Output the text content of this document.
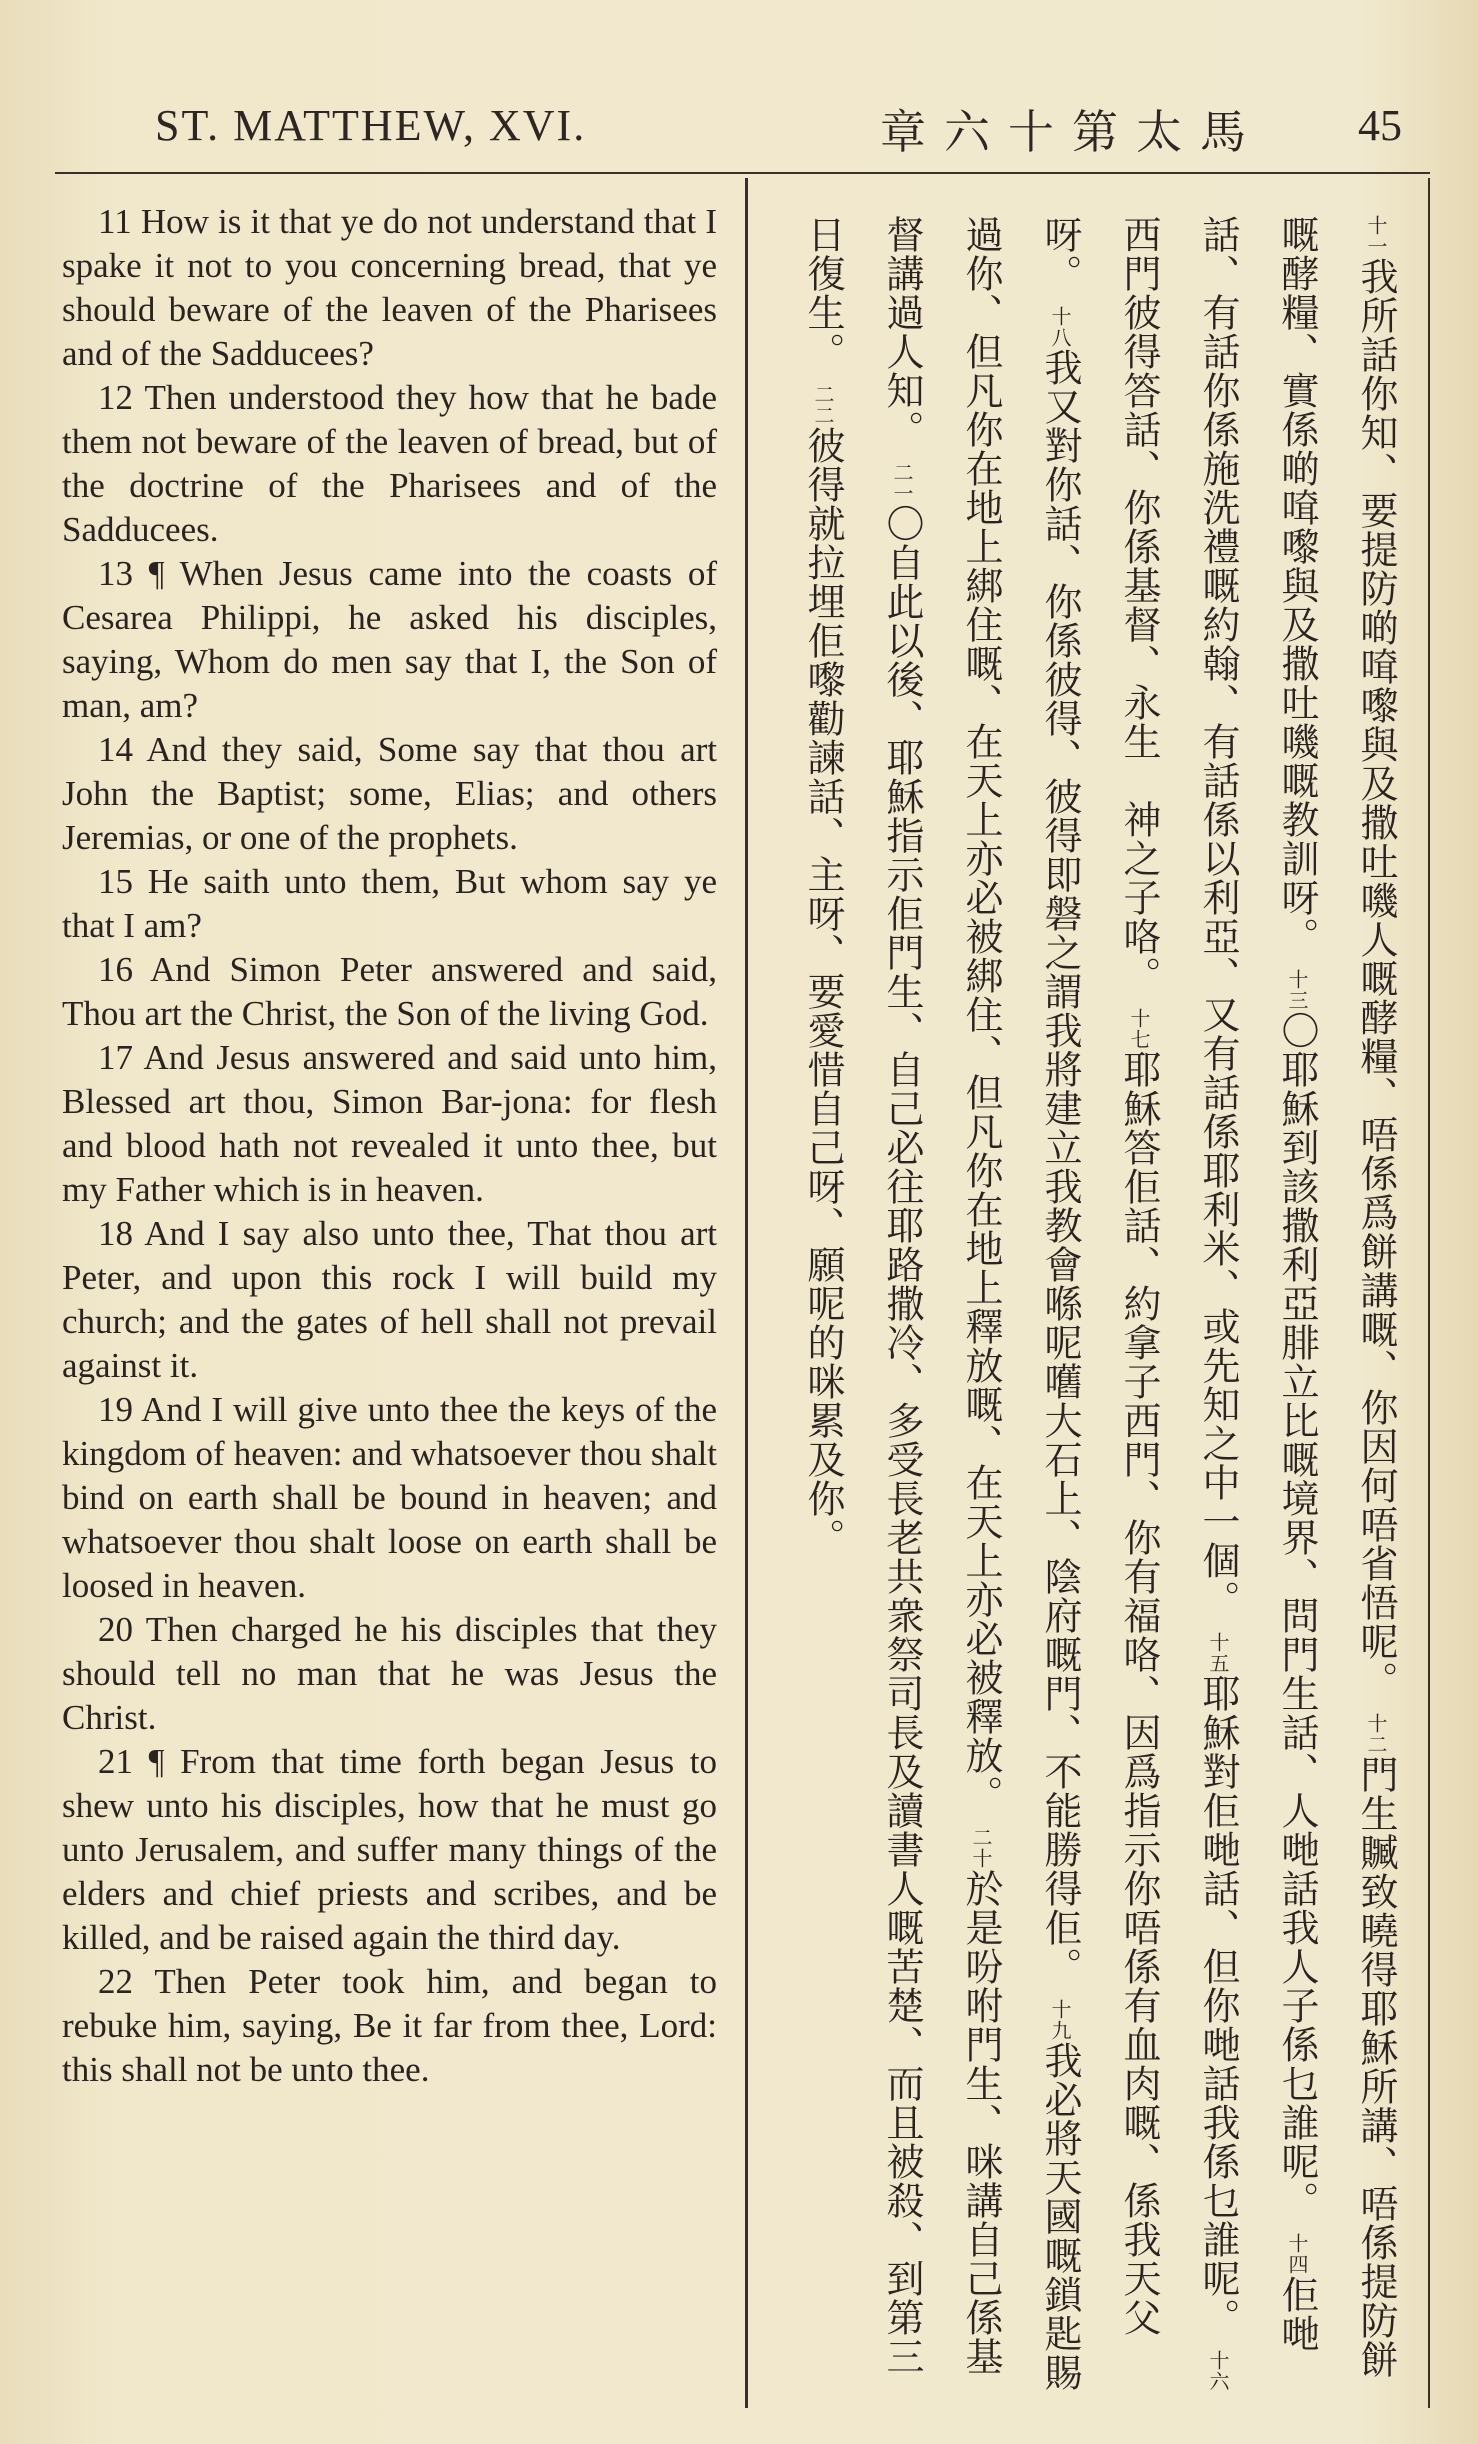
ST. MATTHEW, XVI.	章六十第太馬 45

11 How is it that ye do not understand that I spake it not to you concerning bread, that ye should beware of the leaven of the Pharisees and of the Sadducees?

12 Then understood they how that he bade them not beware of the leaven of bread, but of the doctrine of the Pharisees and of the Sadducees.

13 ¶ When Jesus came into the coasts of Cesarea Philippi, he asked his disciples, saying, Whom do men say that I, the Son of man, am?

14 And they said, Some say that thou art John the Baptist; some, Elias; and others Jeremias, or one of the prophets.

15 He saith unto them, But whom say ye that I am?

16 And Simon Peter answered and said, Thou art the Christ, the Son of the living God.

17 And Jesus answered and said unto him, Blessed art thou, Simon Bar-jona: for flesh and blood hath not revealed it unto thee, but my Father which is in heaven.

18 And I say also unto thee, That thou art Peter, and upon this rock I will build my church; and the gates of hell shall not prevail against it.

19 And I will give unto thee the keys of the kingdom of heaven: and whatsoever thou shalt bind on earth shall be bound in heaven; and whatsoever thou shalt loose on earth shall be loosed in heaven.

20 Then charged he his disciples that they should tell no man that he was Jesus the Christ.

21 ¶ From that time forth began Jesus to shew unto his disciples, how that he must go unto Jerusalem, and suffer many things of the elders and chief priests and scribes, and be killed, and be raised again the third day.

22 Then Peter took him, and began to rebuke him, saying, Be it far from thee, Lord: this shall not be unto thee.

十一我所話你知、要提防啲𠸊嚟與及撒吐嘰人嘅酵糧、唔係爲餅講嘅、你因何唔省悟呢。

十二門生贓致曉得耶穌所講、唔係提防餅嘅酵糧、實係啲𠸊嚟與及撒吐嘰嘅教訓呀。

十三〇耶穌到該撒利亞腓立比嘅境界、問門生話、人哋話我人子係乜誰呢。

十四佢哋話、有話你係施洗禮嘅約翰、有話係以利亞、又有話係耶利米、或先知之中一個。

十五耶穌對佢哋話、但你哋話我係乜誰呢。

十六西門彼得答話、你係基督、永生　神之子咯。

十七耶穌答佢話、約拿子西門、你有福咯、因爲指示你唔係有血肉嘅、係我天父呀。

十八我又對你話、你係彼得、彼得即磐之謂我將建立我教會喺呢嚿大石上、陰府嘅門、不能勝得佢。

十九我必將天國嘅鎖匙賜過你、但凡你在地上綁住嘅、在天上亦必被綁住、但凡你在地上釋放嘅、在天上亦必被釋放。

二十於是吩咐門生、咪講自己係基督講過人知。

二一〇自此以後、耶穌指示佢門生、自己必往耶路撒冷、多受長老共衆祭司長及讀書人嘅苦楚、而且被殺、到第三日復生。

二二彼得就拉埋佢嚟勸諫話、主呀、要愛惜自己呀、願呢的咪累及你。
